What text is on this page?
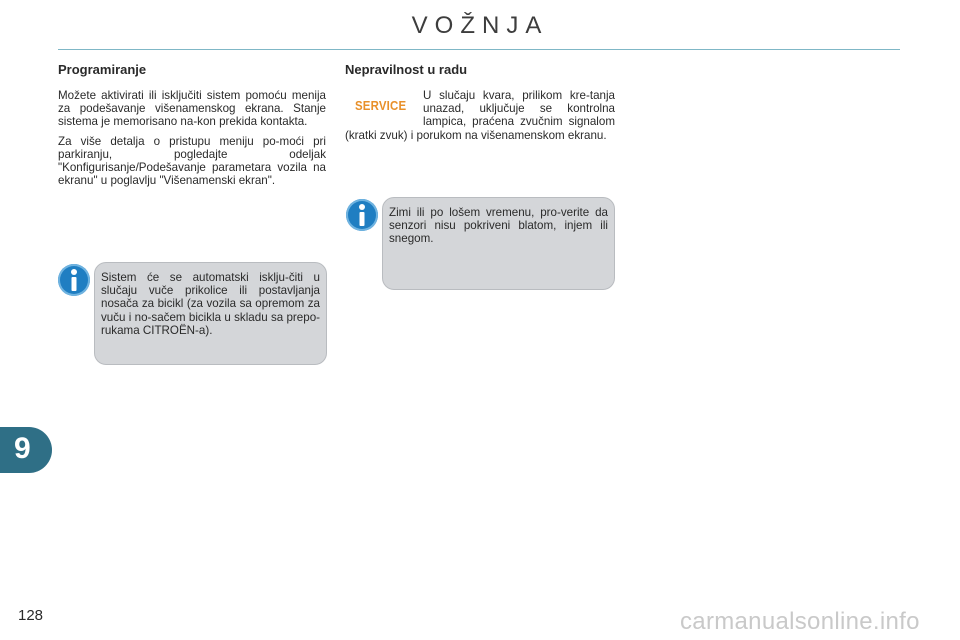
VOŽNJA
Programiranje

Možete aktivirati ili isključiti sistem pomoću menija za podešavanje višenamenskog ekrana. Stanje sistema je memorisano na-kon prekida kontakta.

Za više detalja o pristupu meniju po-moći pri parkiranju, pogledajte odeljak "Konfigurisanje/Podešavanje parametara vozila na ekranu" u poglavlju "Višenamenski ekran".

Sistem će se automatski isklju-čiti u slučaju vuče prikolice ili postavljanja nosača za bicikl (za vozila sa opremom za vuču i no-sačem bicikla u skladu sa prepo-rukama CITROËN-a).
Nepravilnost u radu
SERVICE
U slučaju kvara, prilikom kre-tanja unazad, uključuje se kontrolna lampica, praćena zvučnim signalom (kratki zvuk) i porukom na višenamenskom ekranu.
Zimi ili po lošem vremenu, pro-verite da senzori nisu pokriveni blatom, injem ili snegom.
9
128	carmanualsonline.info
